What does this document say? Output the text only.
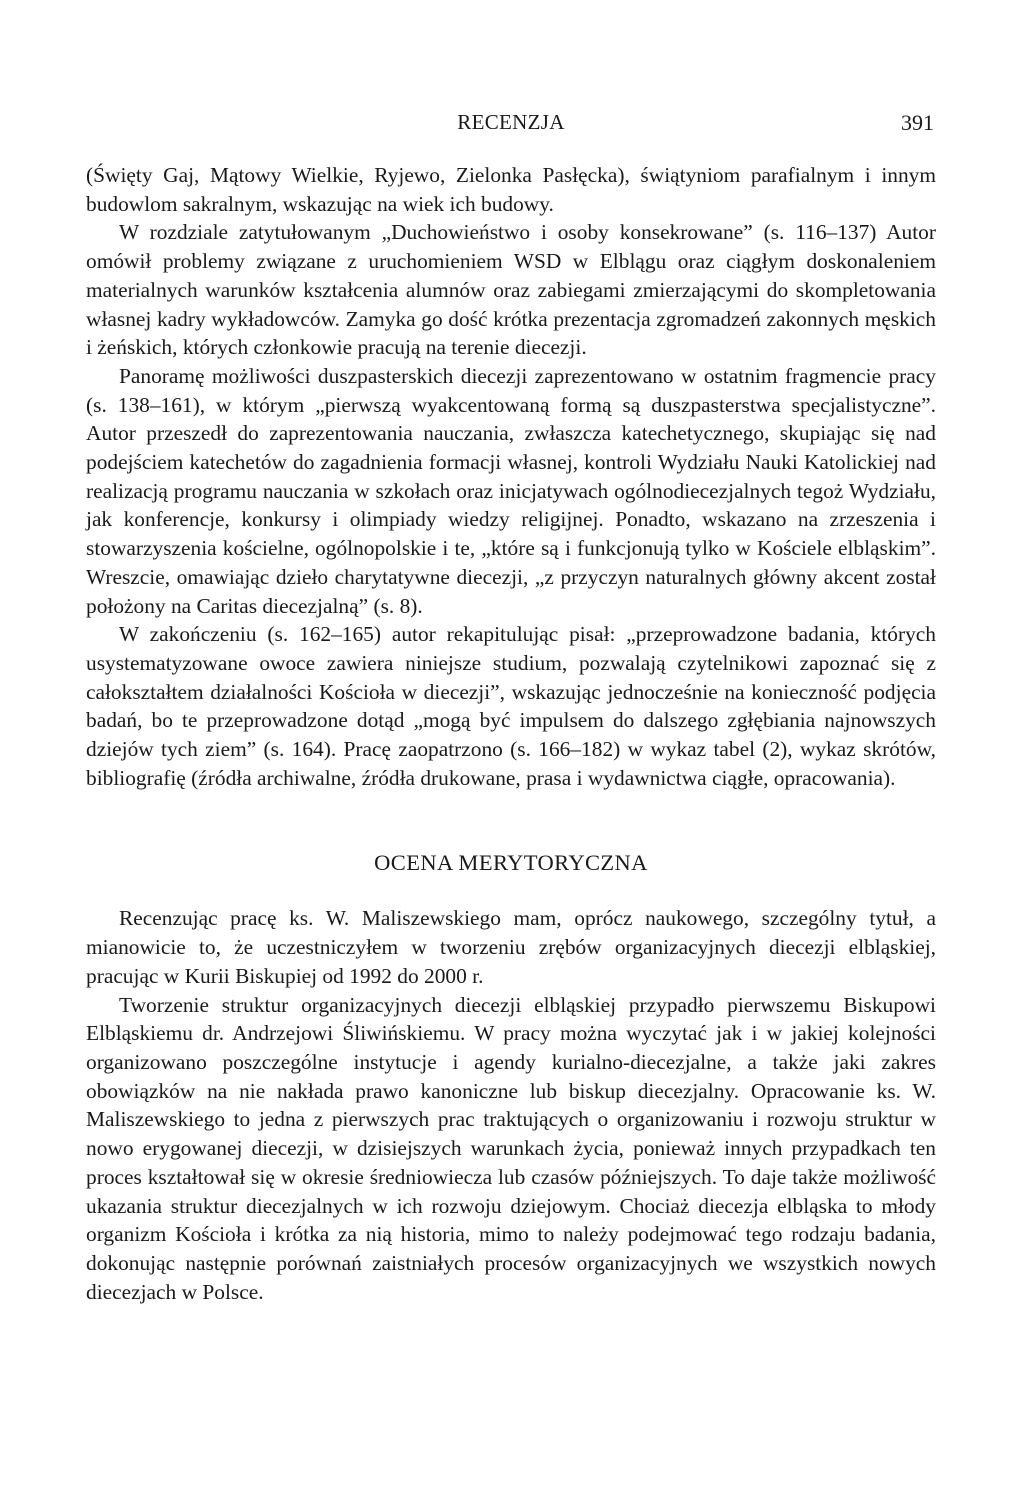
RECENZJA	391

(Święty Gaj, Mątowy Wielkie, Ryjewo, Zielonka Pasłęcka), świątyniom parafialnym i innym budowlom sakralnym, wskazując na wiek ich budowy.

W rozdziale zatytułowanym „Duchowieństwo i osoby konsekrowane” (s. 116–137) Autor omówił problemy związane z uruchomieniem WSD w Elblągu oraz ciągłym doskonaleniem materialnych warunków kształcenia alumnów oraz zabiegami zmierzającymi do skompletowania własnej kadry wykładowców. Zamyka go dość krótka prezentacja zgromadzeń zakonnych męskich i żeńskich, których członkowie pracują na terenie diecezji.

Panoramę możliwości duszpasterskich diecezji zaprezentowano w ostatnim fragmencie pracy (s. 138–161), w którym „pierwszą wyakcentowaną formą są duszpasterstwa specjalistyczne”. Autor przeszedł do zaprezentowania nauczania, zwłaszcza katechetycznego, skupiając się nad podejściem katechetów do zagadnienia formacji własnej, kontroli Wydziału Nauki Katolickiej nad realizacją programu nauczania w szkołach oraz inicjatywach ogólnodiecezjalnych tegoż Wydziału, jak konferencje, konkursy i olimpiady wiedzy religijnej. Ponadto, wskazano na zrzeszenia i stowarzyszenia kościelne, ogólnopolskie i te, „które są i funkcjonują tylko w Kościele elbląskim”. Wreszcie, omawiając dzieło charytatywne diecezji, „z przyczyn naturalnych główny akcent został położony na Caritas diecezjalną” (s. 8).

W zakończeniu (s. 162–165) autor rekapitulując pisał: „przeprowadzone badania, których usystematyzowane owoce zawiera niniejsze studium, pozwalają czytelnikowi zapoznać się z całokształtem działalności Kościoła w diecezji”, wskazując jednocześnie na konieczność podjęcia badań, bo te przeprowadzone dotąd „mogą być impulsem do dalszego zgłębiania najnowszych dziejów tych ziem” (s. 164). Pracę zaopatrzono (s. 166–182) w wykaz tabel (2), wykaz skrótów, bibliografię (źródła archiwalne, źródła drukowane, prasa i wydawnictwa ciągłe, opracowania).

OCENA MERYTORYCZNA

Recenzując pracę ks. W. Maliszewskiego mam, oprócz naukowego, szczególny tytuł, a mianowicie to, że uczestniczyłem w tworzeniu zrębów organizacyjnych diecezji elbląskiej, pracując w Kurii Biskupiej od 1992 do 2000 r.

Tworzenie struktur organizacyjnych diecezji elbląskiej przypadło pierwszemu Biskupowi Elbląskiemu dr. Andrzejowi Śliwińskiemu. W pracy można wyczytać jak i w jakiej kolejności organizowano poszczególne instytucje i agendy kurialno-diecezjalne, a także jaki zakres obowiązków na nie nakłada prawo kanoniczne lub biskup diecezjalny. Opracowanie ks. W. Maliszewskiego to jedna z pierwszych prac traktujących o organizowaniu i rozwoju struktur w nowo erygowanej diecezji, w dzisiejszych warunkach życia, ponieważ innych przypadkach ten proces kształtował się w okresie średniowiecza lub czasów późniejszych. To daje także możliwość ukazania struktur diecezjalnych w ich rozwoju dziejowym. Chociaż diecezja elbląska to młody organizm Kościoła i krótka za nią historia, mimo to należy podejmować tego rodzaju badania, dokonując następnie porównań zaistniałych procesów organizacyjnych we wszystkich nowych diecezjach w Polsce.
